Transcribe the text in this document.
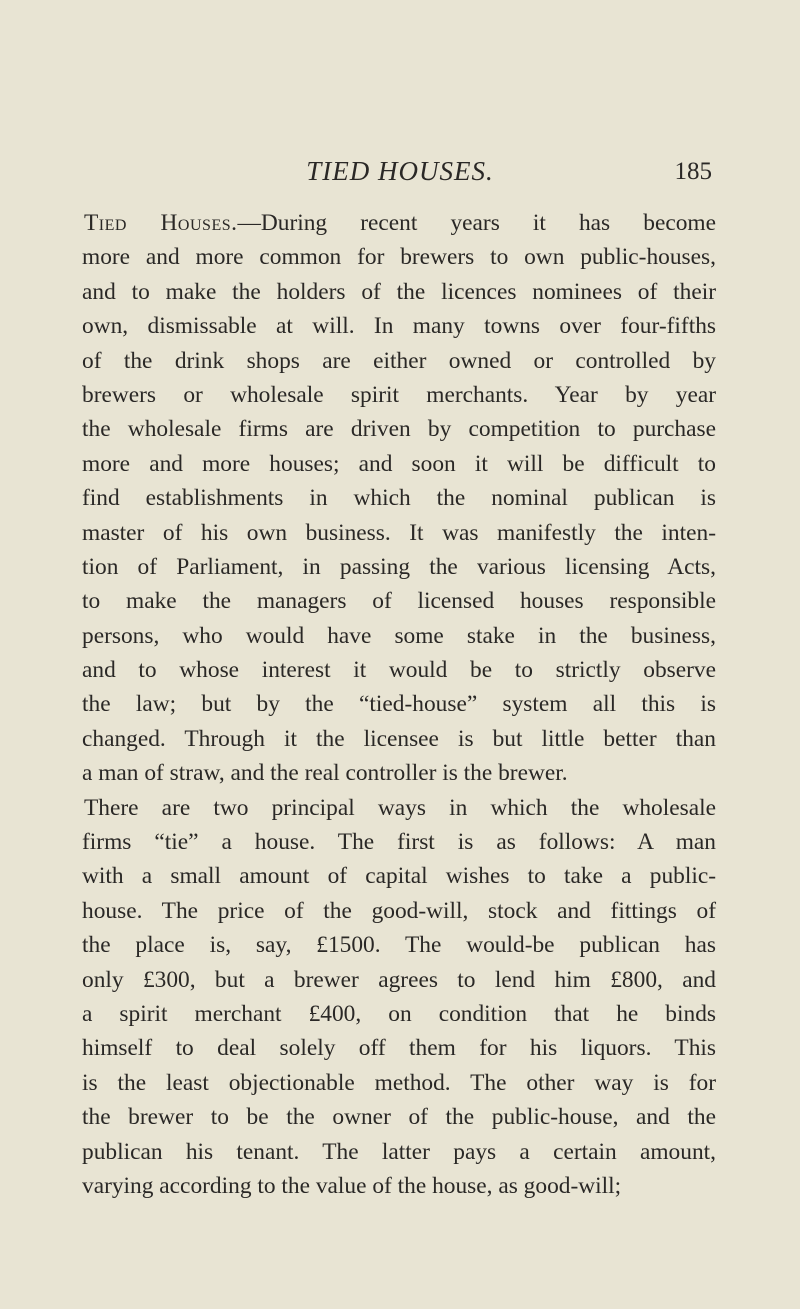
TIED HOUSES.	185
Tied Houses.—During recent years it has become
more and more common for brewers to own public-houses,
and to make the holders of the licences nominees of their
own, dismissable at will. In many towns over four-fifths
of the drink shops are either owned or controlled by
brewers or wholesale spirit merchants. Year by year
the wholesale firms are driven by competition to purchase
more and more houses; and soon it will be difficult to
find establishments in which the nominal publican is
master of his own business. It was manifestly the inten-
tion of Parliament, in passing the various licensing Acts,
to make the managers of licensed houses responsible
persons, who would have some stake in the business,
and to whose interest it would be to strictly observe
the law; but by the “tied-house” system all this is
changed. Through it the licensee is but little better than
a man of straw, and the real controller is the brewer.
There are two principal ways in which the wholesale
firms “tie” a house. The first is as follows: A man
with a small amount of capital wishes to take a public-
house. The price of the good-will, stock and fittings of
the place is, say, £1500. The would-be publican has
only £300, but a brewer agrees to lend him £800, and
a spirit merchant £400, on condition that he binds
himself to deal solely off them for his liquors. This
is the least objectionable method. The other way is for
the brewer to be the owner of the public-house, and the
publican his tenant. The latter pays a certain amount,
varying according to the value of the house, as good-will;
